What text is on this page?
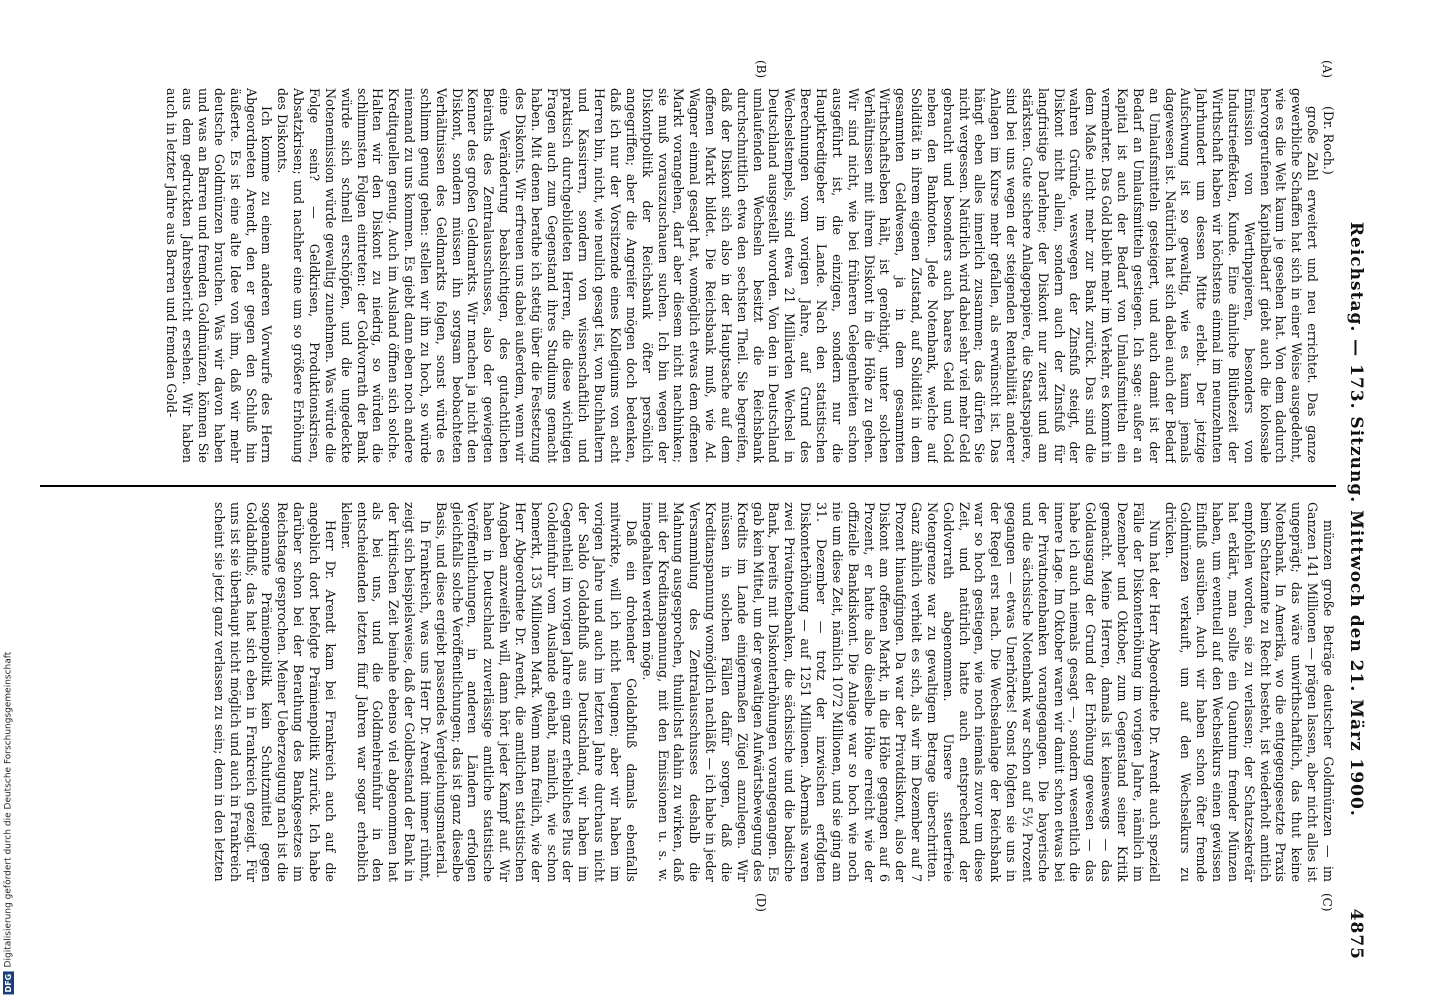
Reichstag. — 173. Sitzung. Mittwoch den 21. März 1900.
4875
(A)
(B)
(C)
(D)

(Dr. Roch.)

große Zahl erweitert und neu errichtet. Das ganze gewerbliche Schaffen hat sich in einer Weise ausgedehnt, wie es die Welt kaum je gesehen hat. Von dem dadurch hervorgerufenen Kapitalbedarf giebt auch die kolossale Emission von Werthpapieren, besonders von Industrieeffekten, Kunde. Eine ähnliche Blüthezeit der Wirthschaft haben wir höchstens einmal im neunzehnten Jahrhundert um dessen Mitte erlebt. Der jetzige Aufschwung ist so gewaltig, wie es kaum jemals dagewesen ist. Natürlich hat sich dabei auch der Bedarf an Umlaufsmitteln gesteigert, und auch damit ist der Bedarf an Umlaufsmitteln gestiegen. Ich sage: außer an Kapital ist auch der Bedarf von Umlaufsmitteln ein vermehrter. Das Gold bleibt mehr im Verkehr, es kommt in dem Maße nicht mehr zur Bank zurück. Das sind die wahren Gründe, weswegen der Zinsfuß steigt, der Diskont nicht allein, sondern auch der Zinsfuß für langfristige Darlehne; der Diskont nur zuerst und am stärksten. Gute sichere Anlagepapiere, die Staatspapiere, sind bei uns wegen der steigenden Rentabilität anderer Anlagen im Kurse mehr gefallen, als erwünscht ist. Das hängt eben alles innerlich zusammen; das dürfen Sie nicht vergessen. Natürlich wird dabei sehr viel mehr Geld gebraucht und besonders auch baares Geld und Gold neben den Banknoten. Jede Notenbank, welche auf Solidität in ihrem eigenen Zustand, auf Solidität in dem gesammten Geldwesen, ja in dem gesammten Wirthschaftsleben hält, ist genöthigt, unter solchen Verhältnissen mit ihrem Diskont in die Höhe zu gehen. Wir sind nicht, wie bei früheren Gelegenheiten schon ausgeführt ist, die einzigen, sondern nur die Hauptkreditgeber im Lande. Nach den statistischen Berechnungen vom vorigen Jahre, auf Grund des Wechselstempels, sind etwa 21 Milliarden Wechsel in Deutschland ausgestellt worden. Von den in Deutschland umlaufenden Wechseln besitzt die Reichsbank durchschnittlich etwa den sechsten Theil. Sie begreifen, daß der Diskont sich also in der Hauptsache auf dem offenen Markt bildet. Die Reichsbank muß, wie Ad. Wagner einmal gesagt hat, womöglich etwas dem offenen Markt vorangehen, darf aber diesem nicht nachhinken; sie muß vorauszuschauen suchen. Ich bin wegen der Diskontpolitik der Reichsbank öfter persönlich angegriffen; aber die Angreifer mögen doch bedenken, daß ich nur der Vorsitzende eines Kollegiums von acht Herren bin, nicht, wie neulich gesagt ist, von Buchhaltern und Kassirern, sondern von wissenschaftlich und praktisch durchgebildeten Herren, die diese wichtigen Fragen auch zum Gegenstand ihres Studiums gemacht haben. Mit denen berathe ich stetig über die Festsetzung des Diskonts. Wir erfreuen uns dabei außerdem, wenn wir eine Veränderung beabsichtigen, des gutachtlichen Beiraths des Zentralausschusses, also der gewiegten Kenner des großen Geldmarkts. Wir machen ja nicht den Diskont, sondern müssen ihn sorgsam beobachteten Verhältnissen des Geldmarkts folgen, sonst würde es schlimm genug gehen: stellen wir ihn zu hoch, so würde niemand zu uns kommen. Es giebt dann eben noch andere Kreditquellen genug. Auch im Ausland öffnen sich solche. Halten wir den Diskont zu niedrig, so würden die schlimmsten Folgen eintreten: der Goldvorrath der Bank würde sich schnell erschöpfen, und die ungedeckte Notenemission würde gewaltig zunehmen. Was würde die Folge sein? — Geldkrisen, Produktionskrisen, Absatzkrisen; und nachher eine um so größere Erhöhung des Diskonts.

Ich komme zu einem anderen Vorwurfe des Herrn Abgeordneten Arendt, den er gegen den Schluß hin äußerte. Es ist eine alte Idee von ihm, daß wir mehr deutsche Goldmünzen brauchen. Was wir davon haben und was an Barren und fremden Goldmünzen, können Sie aus dem gedruckten Jahresbericht ersehen. Wir haben auch in letzter Jahre aus Barren und fremden Gold-

münzen große Beträge deutscher Goldmünzen — im Ganzen 141 Millionen — prägen lassen, aber nicht alles ist ungeprägt; das wäre unwirthschaftlich, das thut keine Notenbank. In Amerika, wo die entgegengesetzte Praxis beim Schatzamte zu Recht besteht, ist wiederholt amtlich empfohlen worden, sie zu verlassen; der Schatzsekretär hat erklärt, man sollte ein Quantum fremder Münzen haben, um eventuell auf den Wechselkurs einen gewissen Einfluß ausüben. Auch wir haben schon öfter fremde Goldmünzen verkauft, um auf den Wechselkurs zu drücken.

Nun hat der Herr Abgeordnete Dr. Arendt auch speziell Fälle der Diskonterhöhung im vorigen Jahre, nämlich im Dezember und Oktober, zum Gegenstand seiner Kritik gemacht. Meine Herren, damals ist keineswegs — das Goldausgang der Grund der Erhöhung gewesen — das habe ich auch niemals gesagt —, sondern wesentlich die innere Lage. Im Oktober waren wir damit schon etwas bei der Privatnotenbanken vorangegangen. Die bayerische und die sächsische Notenbank war schon auf 5½ Prozent gegangen — etwas Unerhörtes! Sonst folgten sie uns in der Regel erst nach. Die Wechselanlage der Reichsbank war so hoch gestiegen, wie noch niemals zuvor um diese Zeit, und natürlich hatte auch entsprechend der Goldvorrath abgenommen. Unsere steuerfreie Notengrenze war zu gewaltigem Betrage überschritten. Ganz ähnlich verhielt es sich, als wir im Dezember auf 7 Prozent hinaufgingen. Da war der Privatdiskont, also der Diskont am offenen Markt, in die Höhe gegangen auf 6 Prozent, er hatte also dieselbe Höhe erreicht wie der offizielle Bankdiskont. Die Anlage war so hoch wie noch nie um diese Zeit, nämlich 1072 Millionen, und sie ging am 31. Dezember — trotz der inzwischen erfolgten Diskonterhöhung — auf 1251 Millionen. Abermals waren zwei Privatnotenbanken, die sächsische und die badische Bank, bereits mit Diskonterhöhungen vorangegangen. Es gab kein Mittel, um der gewaltigen Aufwärtsbewegung des Kredits im Lande einigermaßen Zügel anzulegen. Wir müssen in solchen Fällen dafür sorgen, daß die Kreditanspannung womöglich nachläßt — ich habe in jeder Versammlung des Zentralausschusses deshalb die Mahnung ausgesprochen, thunlichst dahin zu wirken, daß mit der Kreditanspannung, mit den Emissionen u. s. w. innegehalten werden möge.

Daß ein drohender Goldabfluß damals ebenfalls mitwirkte, will ich nicht leugnen; aber wir haben im vorigen Jahre und auch im letzten Jahre durchaus nicht der Saldo Goldabfluß aus Deutschland, wir haben im Gegentheil im vorigen Jahre ein ganz erhebliches Plus der Goldeinfuhr vom Auslande gehabt, nämlich, wie schon bemerkt, 135 Millionen Mark. Wenn man freilich, wie der Herr Abgeordnete Dr. Arendt, die amtlichen statistischen Angaben anzweifeln will, dann hört jeder Kampf auf. Wir haben in Deutschland zuverlässige amtliche statistische Veröffentlichungen, in anderen Ländern erfolgen gleichfalls solche Veröffentlichungen; das ist ganz dieselbe Basis, und diese ergiebt passendes Vergleichungsmaterial.

In Frankreich, was uns Herr Dr. Arendt immer rühmt, zeigt sich beispielsweise, daß der Goldbestand der Bank in der kritischen Zeit beinahe ebenso viel abgenommen hat als bei uns, und die Goldmehreinfuhr in den entscheidenden letzten fünf Jahren war sogar erheblich kleiner.

Herr Dr. Arendt kam bei Frankreich auch auf die angeblich dort befolgte Prämienpolitik zurück. Ich habe darüber schon bei der Berathung des Bankgesetzes im Reichstage gesprochen. Meiner Ueberzeugung nach ist die sogenannte Prämienpolitik kein Schutzmittel gegen Goldabfluß; das hat sich eben in Frankreich gezeigt. Für uns ist sie überhaupt nicht möglich und auch in Frankreich scheint sie jetzt ganz verlassen zu sein; denn in den letzten

DFG
Digitalisierung gefördert durch die Deutsche Forschungsgemeinschaft
